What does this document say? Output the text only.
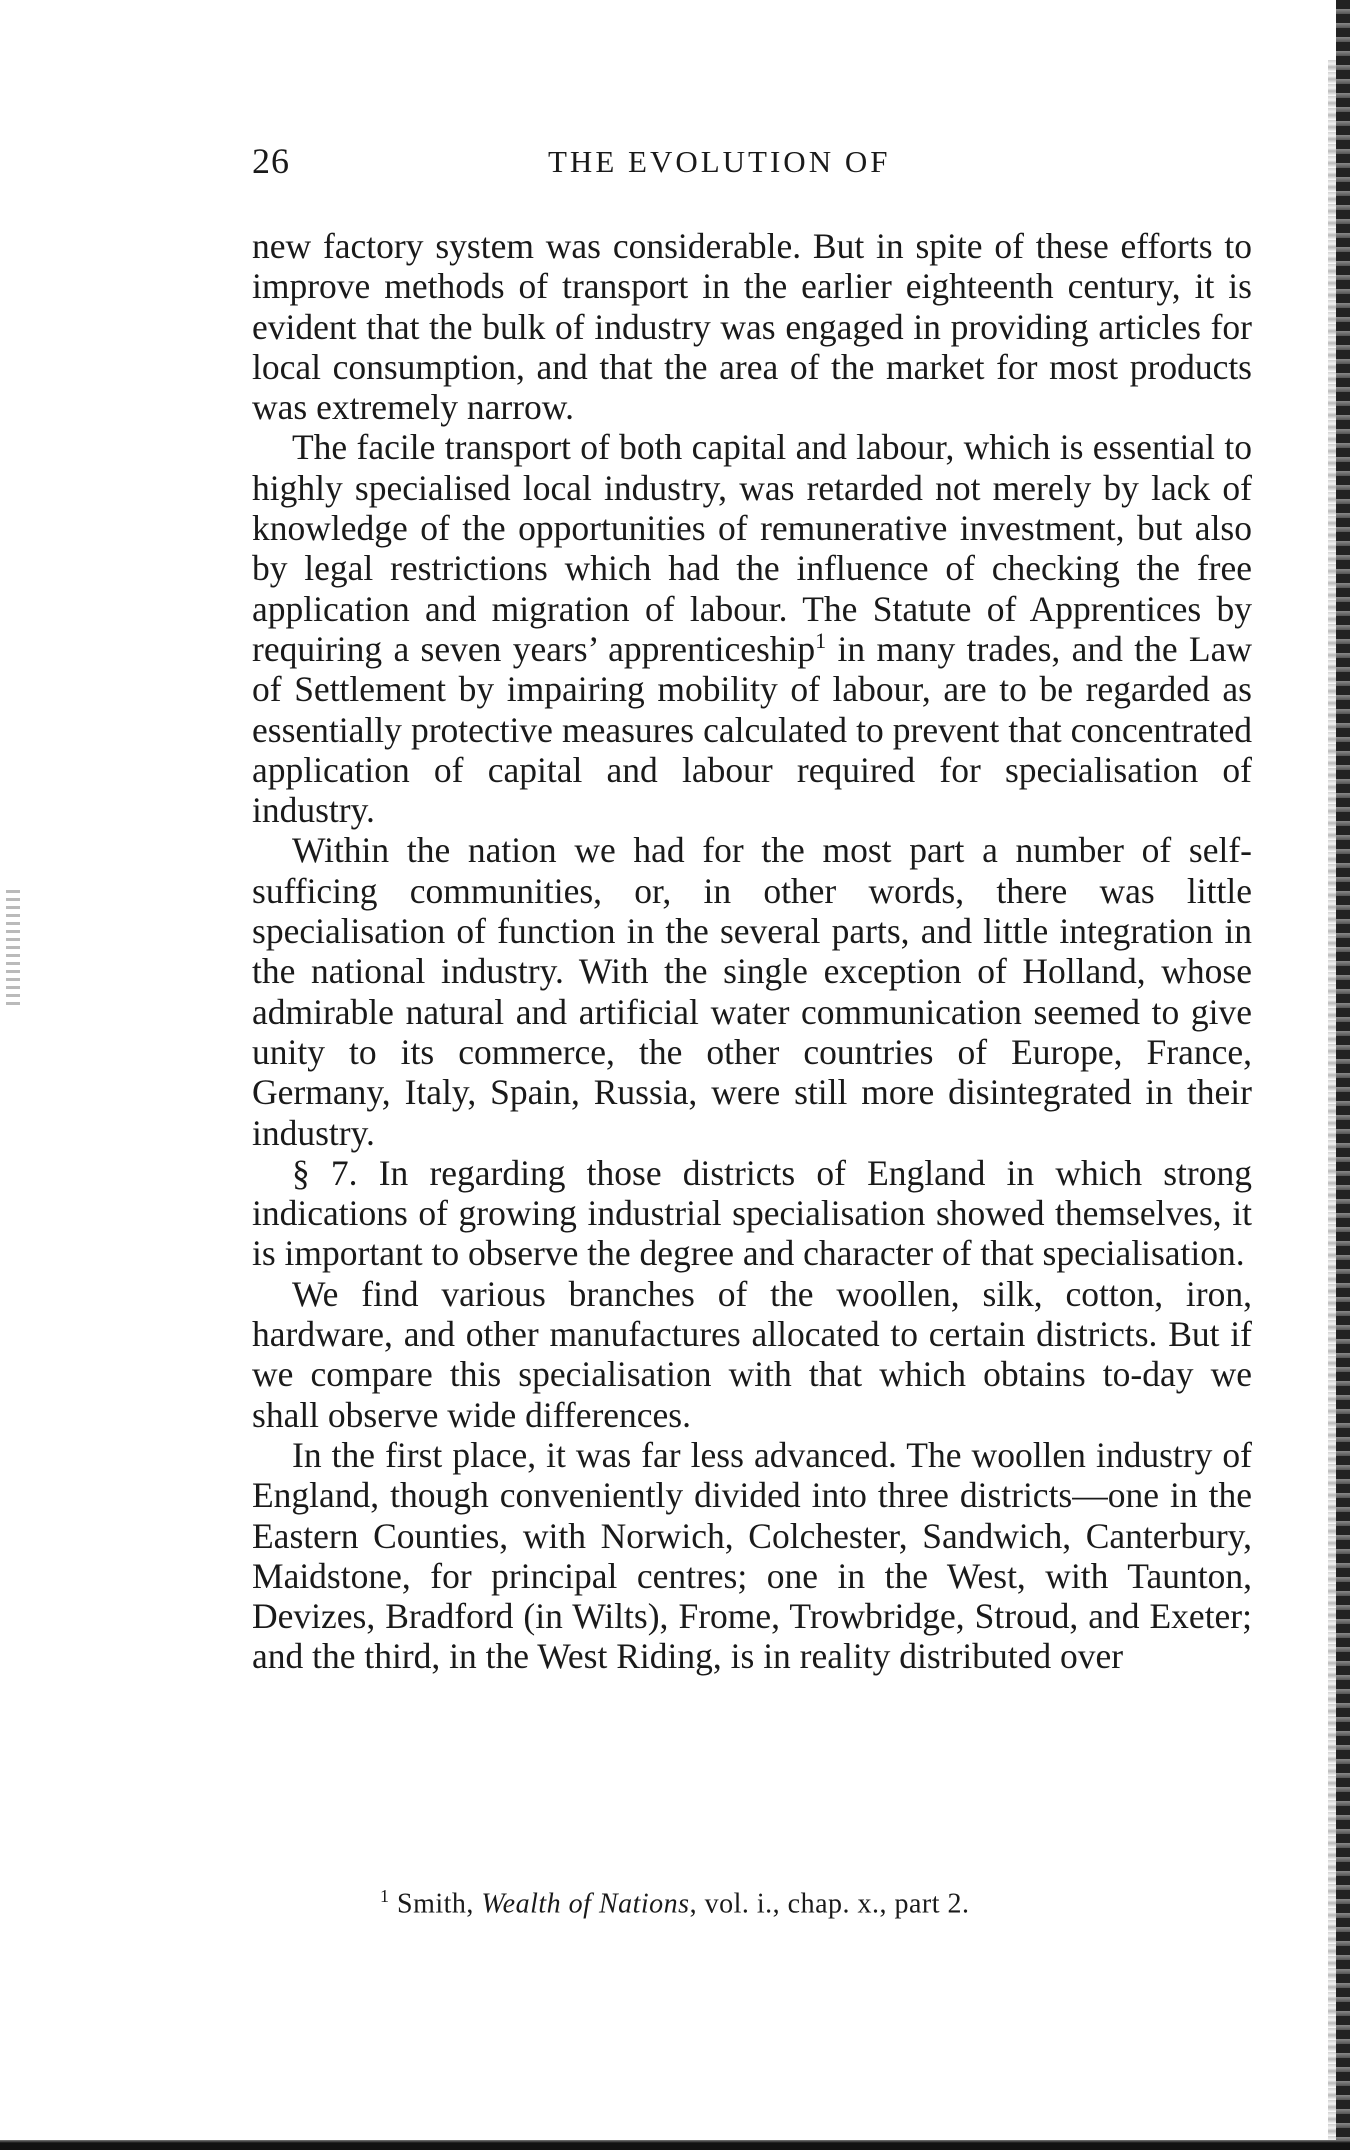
26	THE EVOLUTION OF

new factory system was considerable. But in spite of these efforts to improve methods of transport in the earlier eighteenth century, it is evident that the bulk of industry was engaged in providing articles for local consumption, and that the area of the market for most products was extremely narrow.

The facile transport of both capital and labour, which is essential to highly specialised local industry, was retarded not merely by lack of knowledge of the opportunities of remunerative investment, but also by legal restrictions which had the influence of checking the free application and migration of labour. The Statute of Apprentices by requiring a seven years’ apprenticeship$^1$ in many trades, and the Law of Settlement by impairing mobility of labour, are to be regarded as essentially protective measures calculated to prevent that concentrated application of capital and labour required for specialisation of industry.

Within the nation we had for the most part a number of self-sufficing communities, or, in other words, there was little specialisation of function in the several parts, and little integration in the national industry. With the single exception of Holland, whose admirable natural and artificial water communication seemed to give unity to its commerce, the other countries of Europe, France, Germany, Italy, Spain, Russia, were still more disintegrated in their industry.

§ 7. In regarding those districts of England in which strong indications of growing industrial specialisation showed themselves, it is important to observe the degree and character of that specialisation.

We find various branches of the woollen, silk, cotton, iron, hardware, and other manufactures allocated to certain districts. But if we compare this specialisation with that which obtains to-day we shall observe wide differences.

In the first place, it was far less advanced. The woollen industry of England, though conveniently divided into three districts—one in the Eastern Counties, with Norwich, Colchester, Sandwich, Canterbury, Maidstone, for principal centres; one in the West, with Taunton, Devizes, Bradford (in Wilts), Frome, Trowbridge, Stroud, and Exeter; and the third, in the West Riding, is in reality distributed over

$^1$ Smith, Wealth of Nations, vol. i., chap. x., part 2.
